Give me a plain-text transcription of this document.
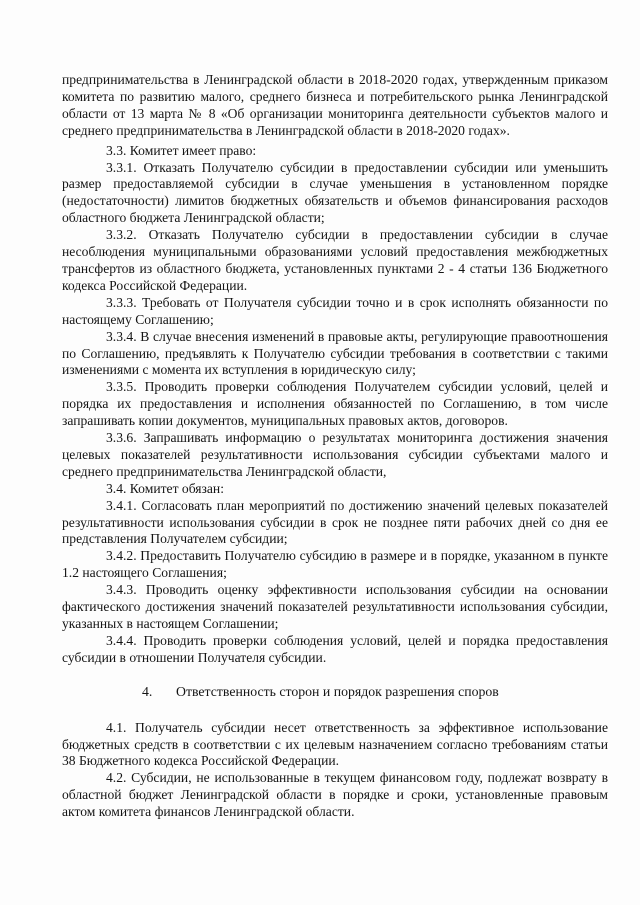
предпринимательства в Ленинградской области в 2018-2020 годах, утвержденным приказом комитета по развитию малого, среднего бизнеса и потребительского рынка Ленинградской области от 13 марта № 8 «Об организации мониторинга деятельности субъектов малого и среднего предпринимательства в Ленинградской области в 2018-2020 годах».

3.3. Комитет имеет право:

3.3.1. Отказать Получателю субсидии в предоставлении субсидии или уменьшить размер предоставляемой субсидии в случае уменьшения в установленном порядке (недостаточности) лимитов бюджетных обязательств и объемов финансирования расходов областного бюджета Ленинградской области;

3.3.2. Отказать Получателю субсидии в предоставлении субсидии в случае несоблюдения муниципальными образованиями условий предоставления межбюджетных трансфертов из областного бюджета, установленных пунктами 2 - 4 статьи 136 Бюджетного кодекса Российской Федерации.

3.3.3. Требовать от Получателя субсидии точно и в срок исполнять обязанности по настоящему Соглашению;

3.3.4. В случае внесения изменений в правовые акты, регулирующие правоотношения по Соглашению, предъявлять к Получателю субсидии требования в соответствии с такими изменениями с момента их вступления в юридическую силу;

3.3.5. Проводить проверки соблюдения Получателем субсидии условий, целей и порядка их предоставления и исполнения обязанностей по Соглашению, в том числе запрашивать копии документов, муниципальных правовых актов, договоров.

3.3.6. Запрашивать информацию о результатах мониторинга достижения значения целевых показателей результативности использования субсидии субъектами малого и среднего предпринимательства Ленинградской области,

3.4. Комитет обязан:

3.4.1. Согласовать план мероприятий по достижению значений целевых показателей результативности использования субсидии в срок не позднее пяти рабочих дней со дня ее представления Получателем субсидии;

3.4.2. Предоставить Получателю субсидию в размере и в порядке, указанном в пункте 1.2 настоящего Соглашения;

3.4.3. Проводить оценку эффективности использования субсидии на основании фактического достижения значений показателей результативности использования субсидии, указанных в настоящем Соглашении;

3.4.4. Проводить проверки соблюдения условий, целей и порядка предоставления субсидии в отношении Получателя субсидии.

4. Ответственность сторон и порядок разрешения споров

4.1. Получатель субсидии несет ответственность за эффективное использование бюджетных средств в соответствии с их целевым назначением согласно требованиям статьи 38 Бюджетного кодекса Российской Федерации.

4.2. Субсидии, не использованные в текущем финансовом году, подлежат возврату в областной бюджет Ленинградской области в порядке и сроки, установленные правовым актом комитета финансов Ленинградской области.
